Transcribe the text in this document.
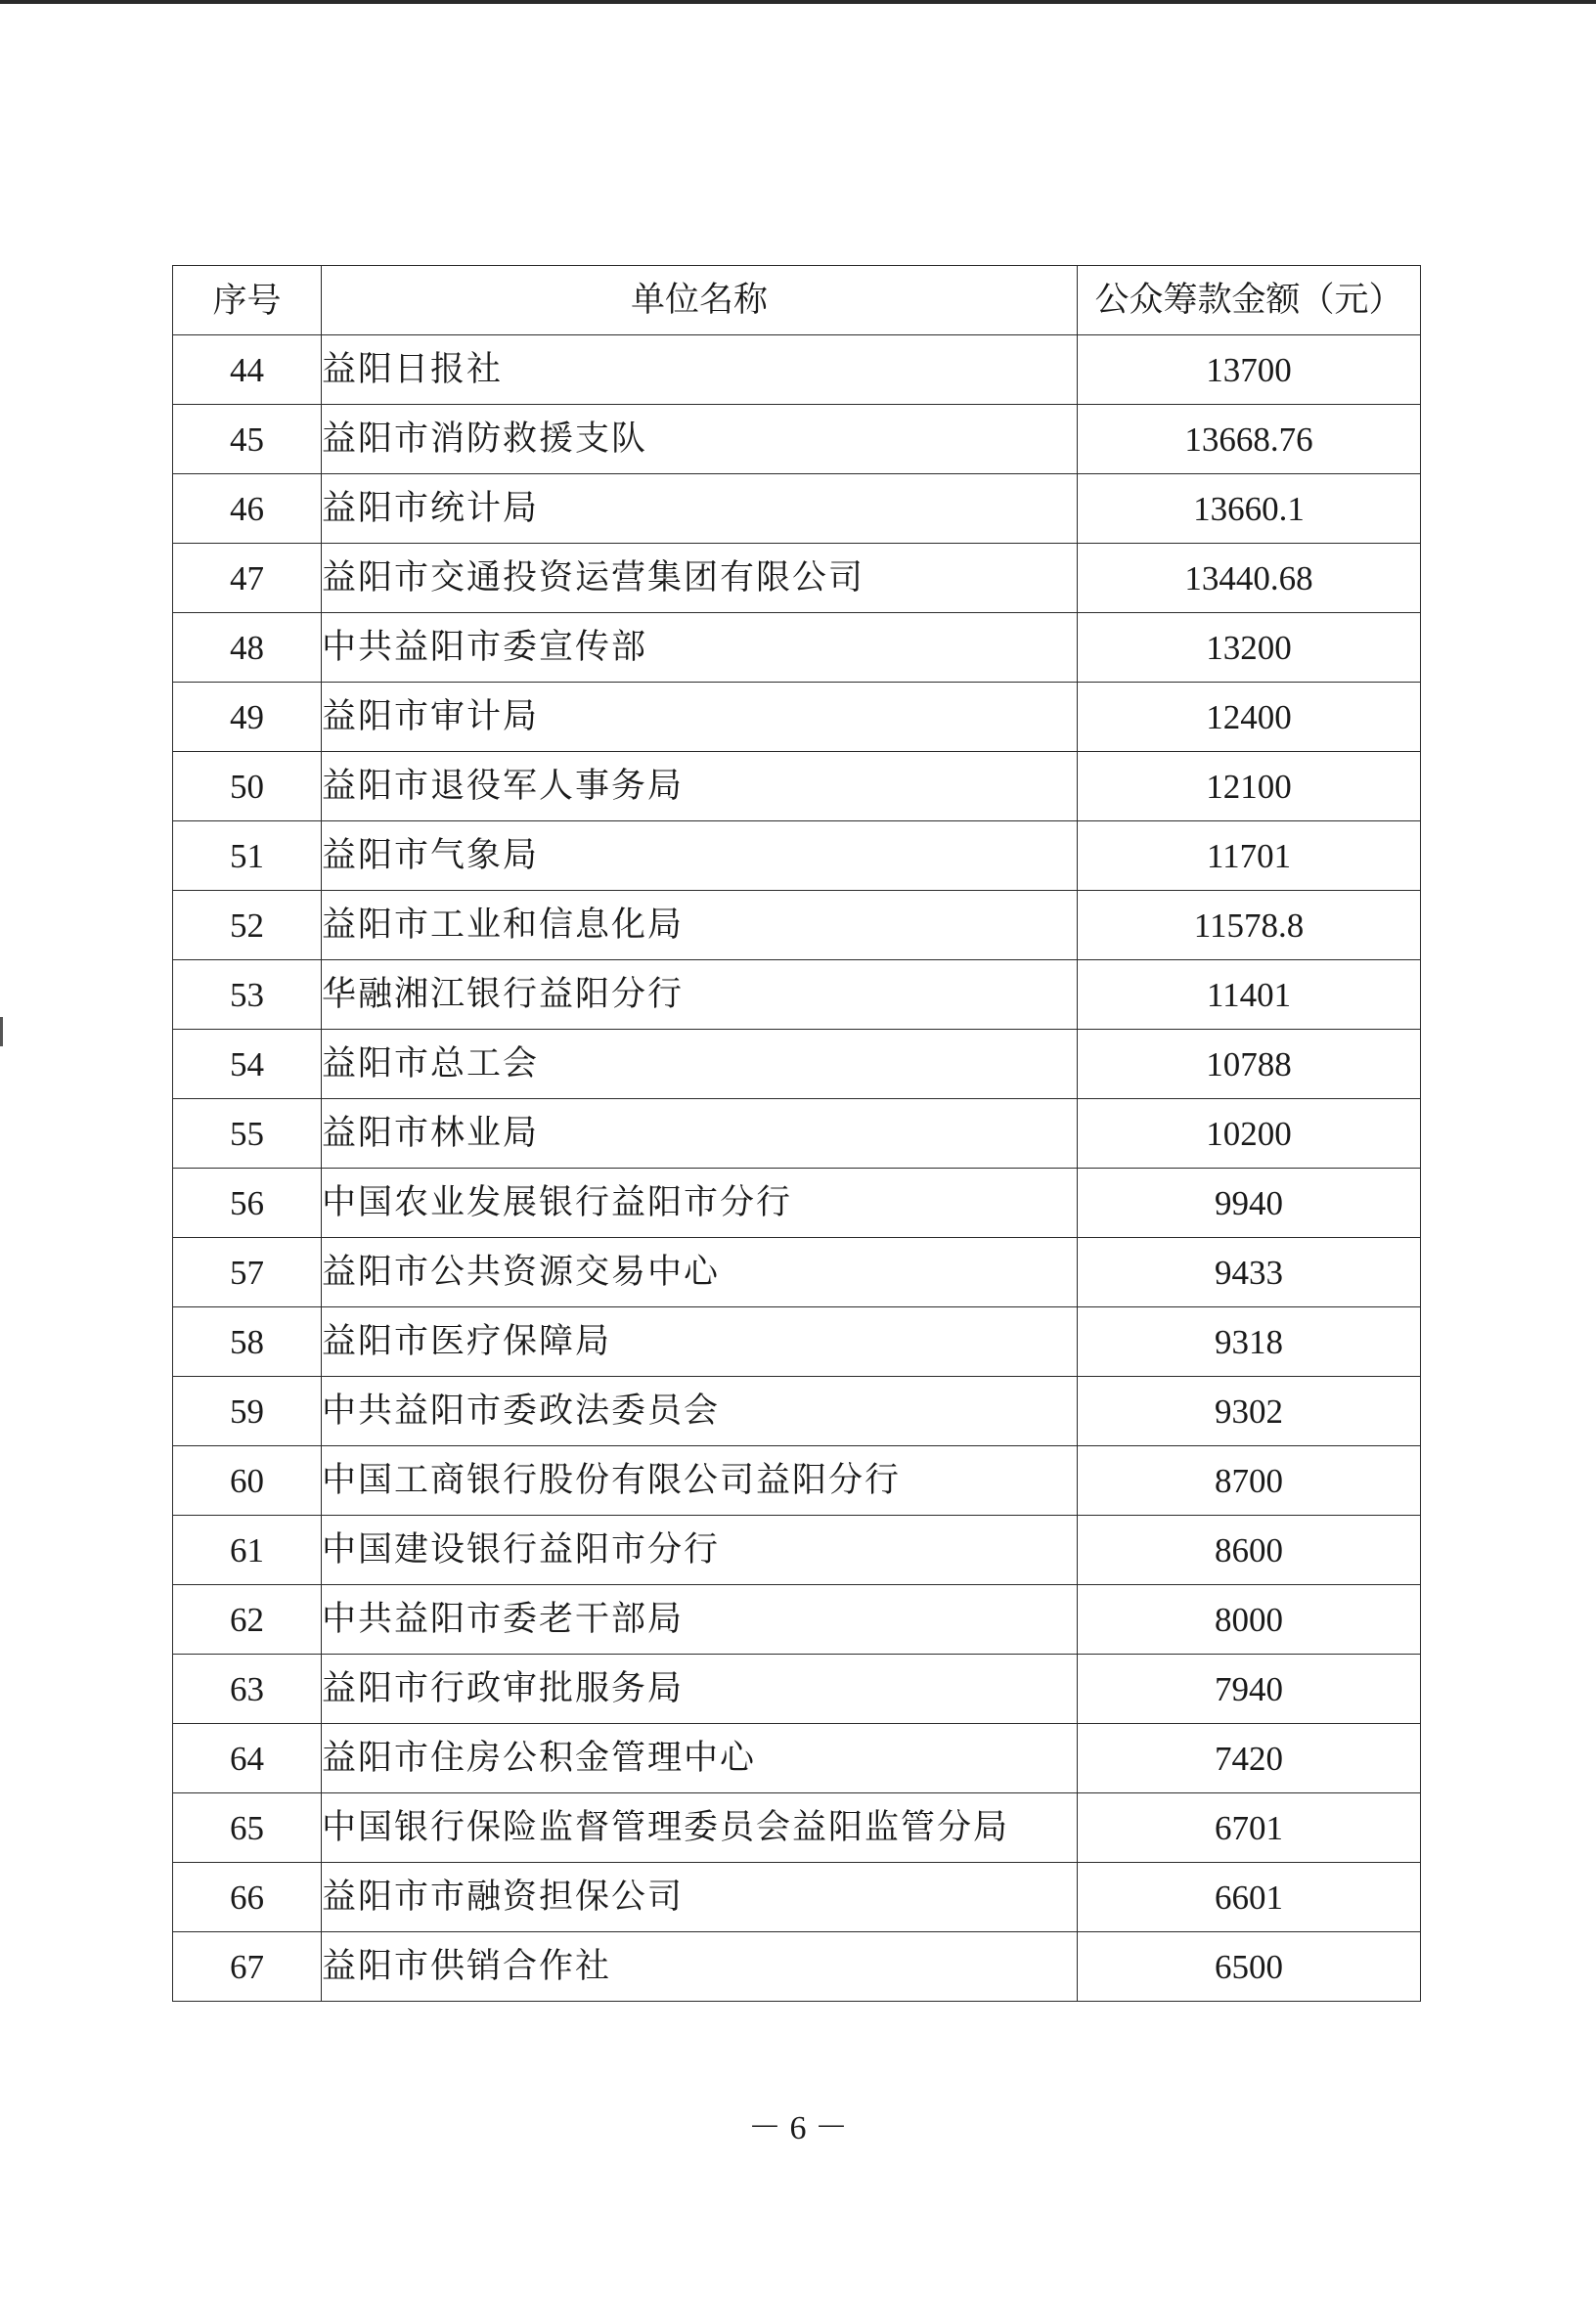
序号	单位名称	公众筹款金额（元）
44	益阳日报社	13700
45	益阳市消防救援支队	13668.76
46	益阳市统计局	13660.1
47	益阳市交通投资运营集团有限公司	13440.68
48	中共益阳市委宣传部	13200
49	益阳市审计局	12400
50	益阳市退役军人事务局	12100
51	益阳市气象局	11701
52	益阳市工业和信息化局	11578.8
53	华融湘江银行益阳分行	11401
54	益阳市总工会	10788
55	益阳市林业局	10200
56	中国农业发展银行益阳市分行	9940
57	益阳市公共资源交易中心	9433
58	益阳市医疗保障局	9318
59	中共益阳市委政法委员会	9302
60	中国工商银行股份有限公司益阳分行	8700
61	中国建设银行益阳市分行	8600
62	中共益阳市委老干部局	8000
63	益阳市行政审批服务局	7940
64	益阳市住房公积金管理中心	7420
65	中国银行保险监督管理委员会益阳监管分局	6701
66	益阳市市融资担保公司	6601
67	益阳市供销合作社	6500
－ 6 －
